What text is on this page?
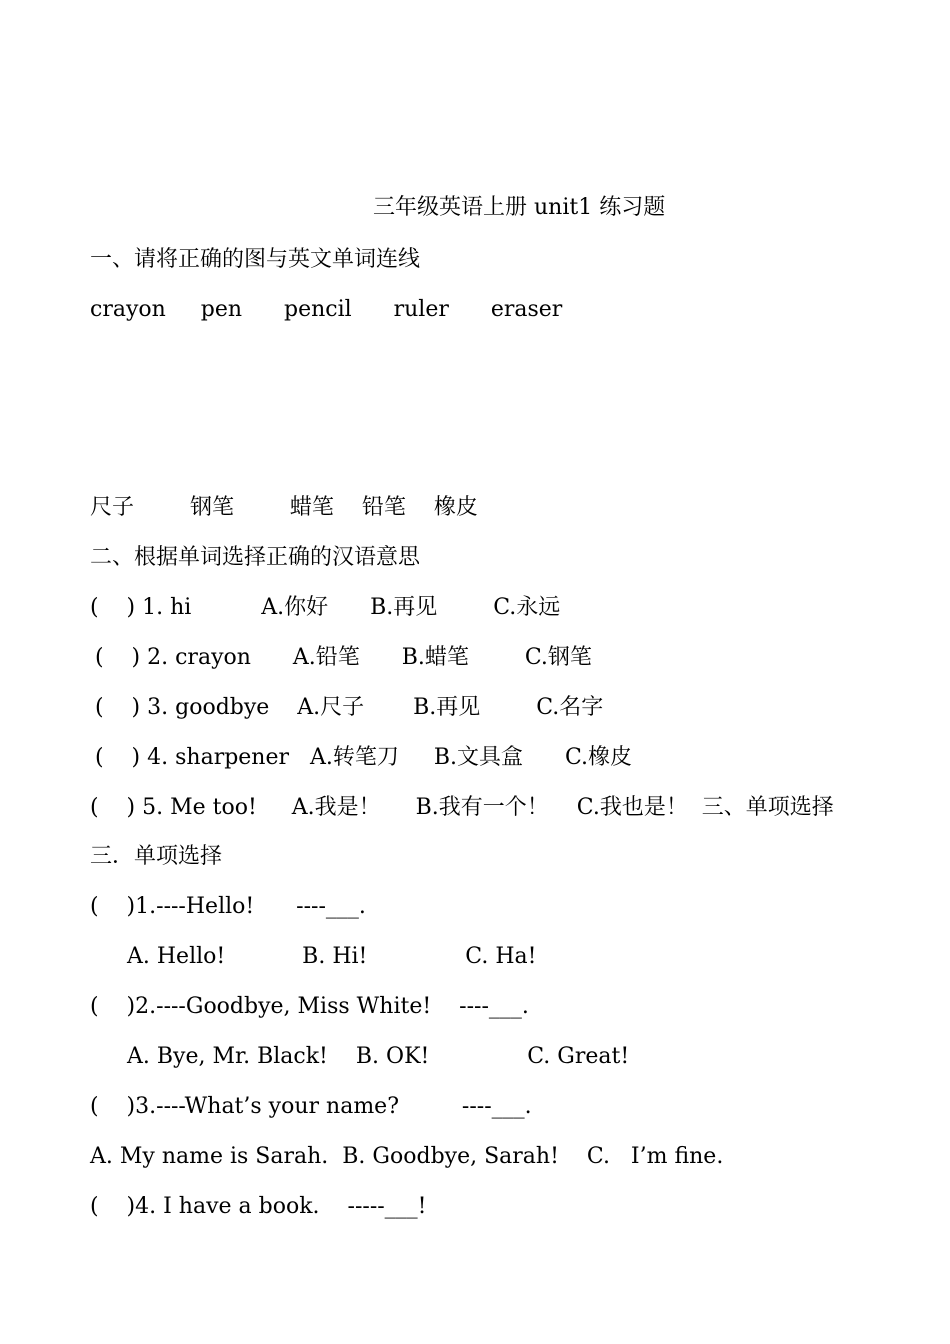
三年级英语上册 unit1 练习题
一、请将正确的图与英文单词连线
crayon     pen      pencil      ruler      eraser
尺子        钢笔        蜡笔    铅笔    橡皮
二、根据单词选择正确的汉语意思
(    ) 1. hi          A.你好      B.再见        C.永远
(    ) 2. crayon      A.铅笔      B.蜡笔        C.钢笔
(    ) 3. goodbye    A.尺子       B.再见        C.名字
(    ) 4. sharpener   A.转笔刀     B.文具盒      C.橡皮
(    ) 5. Me too!     A.我是！     B.我有一个！    C.我也是！  三、单项选择
三．单项选择
(    )1.----Hello!      ----___.
A. Hello!           B. Hi!              C. Ha!
(    )2.----Goodbye, Miss White!    ----___.
A. Bye, Mr. Black!    B. OK!              C. Great!
(    )3.----What’s your name?         ----___.
A. My name is Sarah.  B. Goodbye, Sarah!    C.   I’m fine.
(    )4. I have a book.    -----___!
